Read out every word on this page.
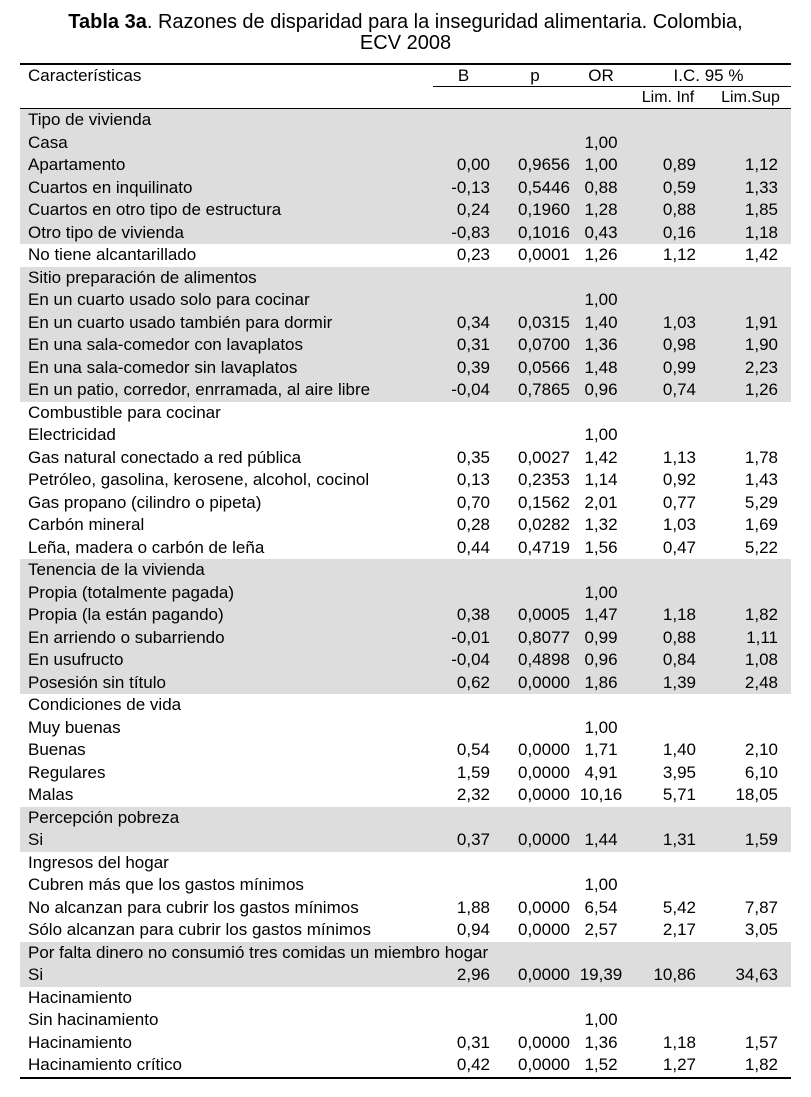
Tabla 3a. Razones de disparidad para la inseguridad alimentaria. Colombia,
ECV 2008
Características	B	p	OR	I.C. 95 %	
				Lim. Inf	Lim.Sup
Tipo de vivienda					
Casa			1,00		
Apartamento	0,00	0,9656	1,00	0,89	1,12
Cuartos en inquilinato	-0,13	0,5446	0,88	0,59	1,33
Cuartos en otro tipo de estructura	0,24	0,1960	1,28	0,88	1,85
Otro tipo de vivienda	-0,83	0,1016	0,43	0,16	1,18
No tiene alcantarillado	0,23	0,0001	1,26	1,12	1,42
Sitio preparación de alimentos					
En un cuarto usado solo para cocinar			1,00		
En un cuarto usado también para dormir	0,34	0,0315	1,40	1,03	1,91
En una sala-comedor con lavaplatos	0,31	0,0700	1,36	0,98	1,90
En una sala-comedor sin lavaplatos	0,39	0,0566	1,48	0,99	2,23
En un patio, corredor, enrramada, al aire libre	-0,04	0,7865	0,96	0,74	1,26
Combustible para cocinar					
Electricidad			1,00		
Gas natural conectado a red pública	0,35	0,0027	1,42	1,13	1,78
Petróleo, gasolina, kerosene, alcohol, cocinol	0,13	0,2353	1,14	0,92	1,43
Gas propano (cilindro o pipeta)	0,70	0,1562	2,01	0,77	5,29
Carbón mineral	0,28	0,0282	1,32	1,03	1,69
Leña, madera o carbón de leña	0,44	0,4719	1,56	0,47	5,22
Tenencia de la vivienda					
Propia (totalmente pagada)			1,00		
Propia (la están pagando)	0,38	0,0005	1,47	1,18	1,82
En arriendo o subarriendo	-0,01	0,8077	0,99	0,88	1,11
En usufructo	-0,04	0,4898	0,96	0,84	1,08
Posesión sin título	0,62	0,0000	1,86	1,39	2,48
Condiciones de vida					
Muy buenas			1,00		
Buenas	0,54	0,0000	1,71	1,40	2,10
Regulares	1,59	0,0000	4,91	3,95	6,10
Malas	2,32	0,0000	10,16	5,71	18,05
Percepción pobreza					
Si	0,37	0,0000	1,44	1,31	1,59
Ingresos del hogar					
Cubren más que los gastos mínimos			1,00		
No alcanzan para cubrir los gastos mínimos	1,88	0,0000	6,54	5,42	7,87
Sólo alcanzan para cubrir los gastos mínimos	0,94	0,0000	2,57	2,17	3,05
Por falta dinero no consumió tres comidas un miembro hogar					
Si	2,96	0,0000	19,39	10,86	34,63
Hacinamiento					
Sin hacinamiento			1,00		
Hacinamiento	0,31	0,0000	1,36	1,18	1,57
Hacinamiento crítico	0,42	0,0000	1,52	1,27	1,82
